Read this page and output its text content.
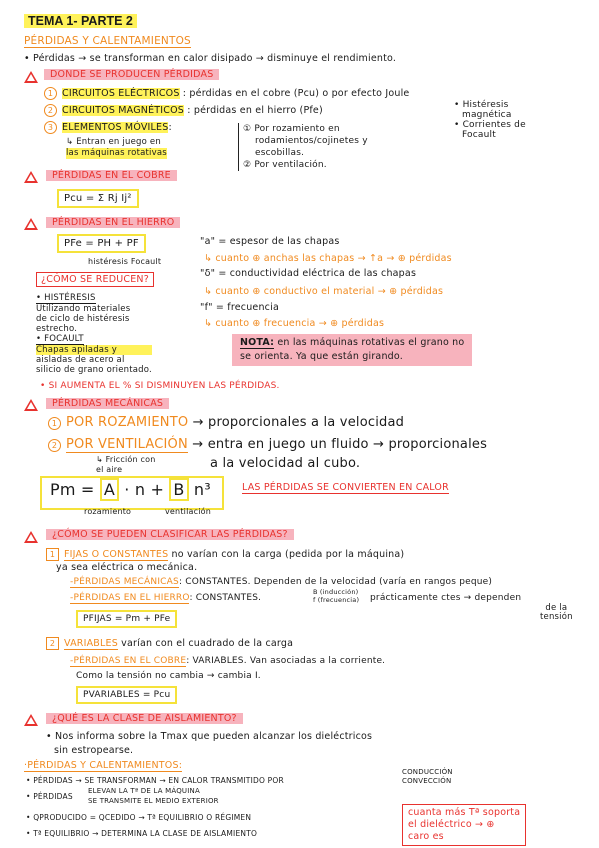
TEMA 1- PARTE 2
PÉRDIDAS Y CALENTAMIENTOS
• Pérdidas → se transforman en calor disipado → disminuye el rendimiento.
DONDE SE PRODUCEN PÉRDIDAS
1 CIRCUITOS ELÉCTRICOS : pérdidas en el cobre (Pcu) o por efecto Joule
2 CIRCUITOS MAGNÉTICOS : pérdidas en el hierro (Pfe)	• Histéresis
magnética
• Corrientes de
Focault
3 ELEMENTOS MÓVILES:
↳ Entran en juego en
las máquinas rotativas
① Por rozamiento en
rodamientos/cojinetes y
escobillas.
② Por ventilación.
PÉRDIDAS EN EL COBRE
Pcu = Σ Rj Ij²
PÉRDIDAS EN EL HIERRO
PFe = PH + PF
histéresis Focault
¿CÓMO SE REDUCEN?
• HISTÉRESIS
Utilizando materiales
de ciclo de histéresis
estrecho.
• FOCAULT
Chapas apiladas y
aisladas de acero al
silicio de grano orientado.
"a" = espesor de las chapas
↳ cuanto ⊕ anchas las chapas → ↑a → ⊕ pérdidas
"δ" = conductividad eléctrica de las chapas
↳ cuanto ⊕ conductivo el material → ⊕ pérdidas
"f" = frecuencia
↳ cuanto ⊕ frecuencia → ⊕ pérdidas
NOTA: en las máquinas rotativas el grano no
se orienta. Ya que están girando.
• SI AUMENTA EL % SI DISMINUYEN LAS PÉRDIDAS.
PÉRDIDAS MECÁNICAS
1 POR ROZAMIENTO → proporcionales a la velocidad
2 POR VENTILACIÓN → entra en juego un fluido → proporcionales
a la velocidad al cubo.
↳ Fricción con
el aire
Pm = A · n + B n³
rozamiento	ventilación
LAS PÉRDIDAS SE CONVIERTEN EN CALOR
¿CÓMO SE PUEDEN CLASIFICAR LAS PÉRDIDAS?
1 FIJAS O CONSTANTES no varían con la carga (pedida por la máquina)
ya sea eléctrica o mecánica.
-PÉRDIDAS MECÁNICAS: CONSTANTES. Dependen de la velocidad (varía en rangos peque)
-PÉRDIDAS EN EL HIERRO: CONSTANTES.
B (inducción)
f (frecuencia) prácticamente ctes → dependen
de la
tensión
PFIJAS = Pm + PFe
2 VARIABLES varían con el cuadrado de la carga
-PÉRDIDAS EN EL COBRE: VARIABLES. Van asociadas a la corriente.
Como la tensión no cambia → cambia I.
PVARIABLES = Pcu
¿QUÉ ES LA CLASE DE AISLAMIENTO?
• Nos informa sobre la Tmax que pueden alcanzar los dieléctricos
sin estropearse.
·PÉRDIDAS Y CALENTAMIENTOS:
• PÉRDIDAS → SE TRANSFORMAN → EN CALOR TRANSMITIDO POR
CONDUCCIÓN
CONVECCIÓN
• PÉRDIDAS
ELEVAN LA Tª DE LA MÁQUINA
SE TRANSMITE EL MEDIO EXTERIOR
• QPRODUCIDO = QCEDIDO → Tª EQUILIBRIO O RÉGIMEN
• Tª EQUILIBRIO → DETERMINA LA CLASE DE AISLAMIENTO
cuanta más Tª soporta
el dieléctrico → ⊕
caro es
